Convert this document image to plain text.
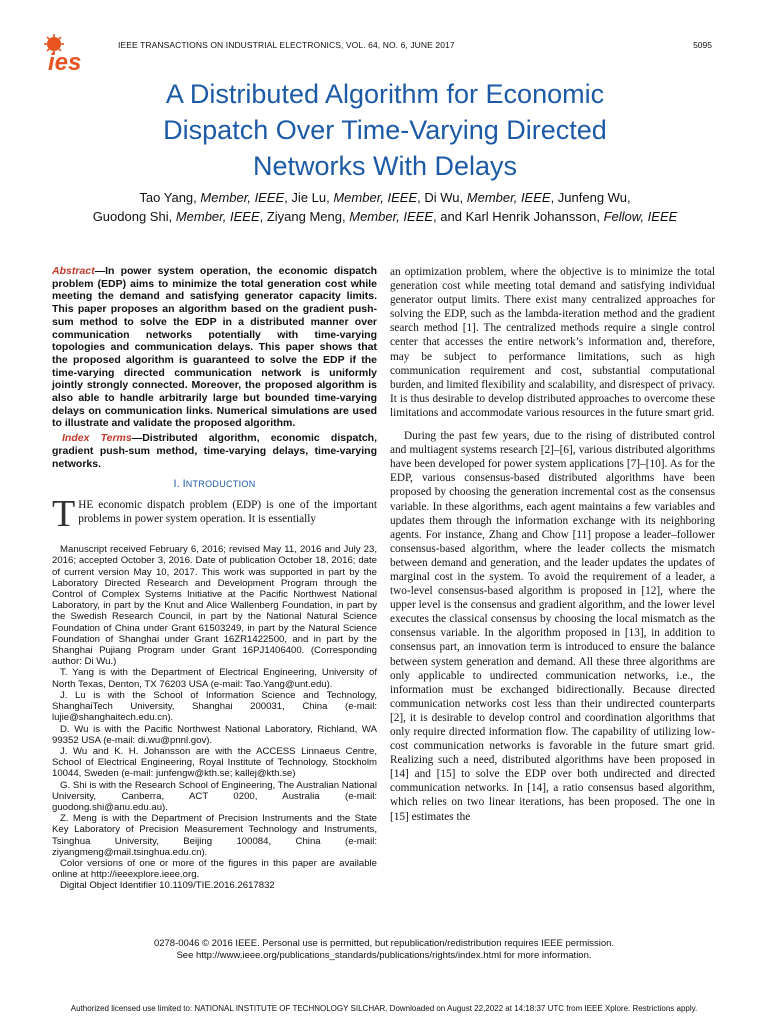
ies
IEEE TRANSACTIONS ON INDUSTRIAL ELECTRONICS, VOL. 64, NO. 6, JUNE 2017	5095
A Distributed Algorithm for Economic
Dispatch Over Time-Varying Directed
Networks With Delays
Tao Yang, Member, IEEE, Jie Lu, Member, IEEE, Di Wu, Member, IEEE, Junfeng Wu,
Guodong Shi, Member, IEEE, Ziyang Meng, Member, IEEE, and Karl Henrik Johansson, Fellow, IEEE
Abstract—In power system operation, the economic dispatch problem (EDP) aims to minimize the total generation cost while meeting the demand and satisfying generator capacity limits. This paper proposes an algorithm based on the gradient push-sum method to solve the EDP in a distributed manner over communication networks potentially with time-varying topologies and communication delays. This paper shows that the proposed algorithm is guaranteed to solve the EDP if the time-varying directed communication network is uniformly jointly strongly connected. Moreover, the proposed algorithm is also able to handle arbitrarily large but bounded time-varying delays on communication links. Numerical simulations are used to illustrate and validate the proposed algorithm.
Index Terms—Distributed algorithm, economic dispatch, gradient push-sum method, time-varying delays, time-varying networks.
I. INTRODUCTION
THE economic dispatch problem (EDP) is one of the important problems in power system operation. It is essentially

Manuscript received February 6, 2016; revised May 11, 2016 and July 23, 2016; accepted October 3, 2016. Date of publication October 18, 2016; date of current version May 10, 2017. This work was supported in part by the Laboratory Directed Research and Development Program through the Control of Complex Systems Initiative at the Pacific Northwest National Laboratory, in part by the Knut and Alice Wallenberg Foundation, in part by the Swedish Research Council, in part by the National Natural Science Foundation of China under Grant 61503249, in part by the Natural Science Foundation of Shanghai under Grant 16ZR1422500, and in part by the Shanghai Pujiang Program under Grant 16PJ1406400. (Corresponding author: Di Wu.)

T. Yang is with the Department of Electrical Engineering, University of North Texas, Denton, TX 76203 USA (e-mail: Tao.Yang@unt.edu).

J. Lu is with the School of Information Science and Technology, ShanghaiTech University, Shanghai 200031, China (e-mail: lujie@shanghaitech.edu.cn).

D. Wu is with the Pacific Northwest National Laboratory, Richland, WA 99352 USA (e-mail: di.wu@pnnl.gov).

J. Wu and K. H. Johansson are with the ACCESS Linnaeus Centre, School of Electrical Engineering, Royal Institute of Technology, Stockholm 10044, Sweden (e-mail: junfengw@kth.se; kallej@kth.se)

G. Shi is with the Research School of Engineering, The Australian National University, Canberra, ACT 0200, Australia (e-mail: guodong.shi@anu.edu.au).

Z. Meng is with the Department of Precision Instruments and the State Key Laboratory of Precision Measurement Technology and Instruments, Tsinghua University, Beijing 100084, China (e-mail: ziyangmeng@mail.tsinghua.edu.cn).

Color versions of one or more of the figures in this paper are available online at http://ieeexplore.ieee.org.

Digital Object Identifier 10.1109/TIE.2016.2617832

an optimization problem, where the objective is to minimize the total generation cost while meeting total demand and satisfying individual generator output limits. There exist many centralized approaches for solving the EDP, such as the lambda-iteration method and the gradient search method [1]. The centralized methods require a single control center that accesses the entire network’s information and, therefore, may be subject to performance limitations, such as high communication requirement and cost, substantial computational burden, and limited flexibility and scalability, and disrespect of privacy. It is thus desirable to develop distributed approaches to overcome these limitations and accommodate various resources in the future smart grid.

During the past few years, due to the rising of distributed control and multiagent systems research [2]–[6], various distributed algorithms have been developed for power system applications [7]–[10]. As for the EDP, various consensus-based distributed algorithms have been proposed by choosing the generation incremental cost as the consensus variable. In these algorithms, each agent maintains a few variables and updates them through the information exchange with its neighboring agents. For instance, Zhang and Chow [11] propose a leader–follower consensus-based algorithm, where the leader collects the mismatch between demand and generation, and the leader updates the updates of marginal cost in the system. To avoid the requirement of a leader, a two-level consensus-based algorithm is proposed in [12], where the upper level is the consensus and gradient algorithm, and the lower level executes the classical consensus by choosing the local mismatch as the consensus variable. In the algorithm proposed in [13], in addition to consensus part, an innovation term is introduced to ensure the balance between system generation and demand. All these three algorithms are only applicable to undirected communication networks, i.e., the information must be exchanged bidirectionally. Because directed communication networks cost less than their undirected counterparts [2], it is desirable to develop control and coordination algorithms that only require directed information flow. The capability of utilizing low-cost communication networks is favorable in the future smart grid. Realizing such a need, distributed algorithms have been proposed in [14] and [15] to solve the EDP over both undirected and directed communication networks. In [14], a ratio consensus based algorithm, which relies on two linear iterations, has been proposed. The one in [15] estimates the

0278-0046 © 2016 IEEE. Personal use is permitted, but republication/redistribution requires IEEE permission.
See http://www.ieee.org/publications_standards/publications/rights/index.html for more information.
Authorized licensed use limited to: NATIONAL INSTITUTE OF TECHNOLOGY SILCHAR. Downloaded on August 22,2022 at 14:18:37 UTC from IEEE Xplore. Restrictions apply.
